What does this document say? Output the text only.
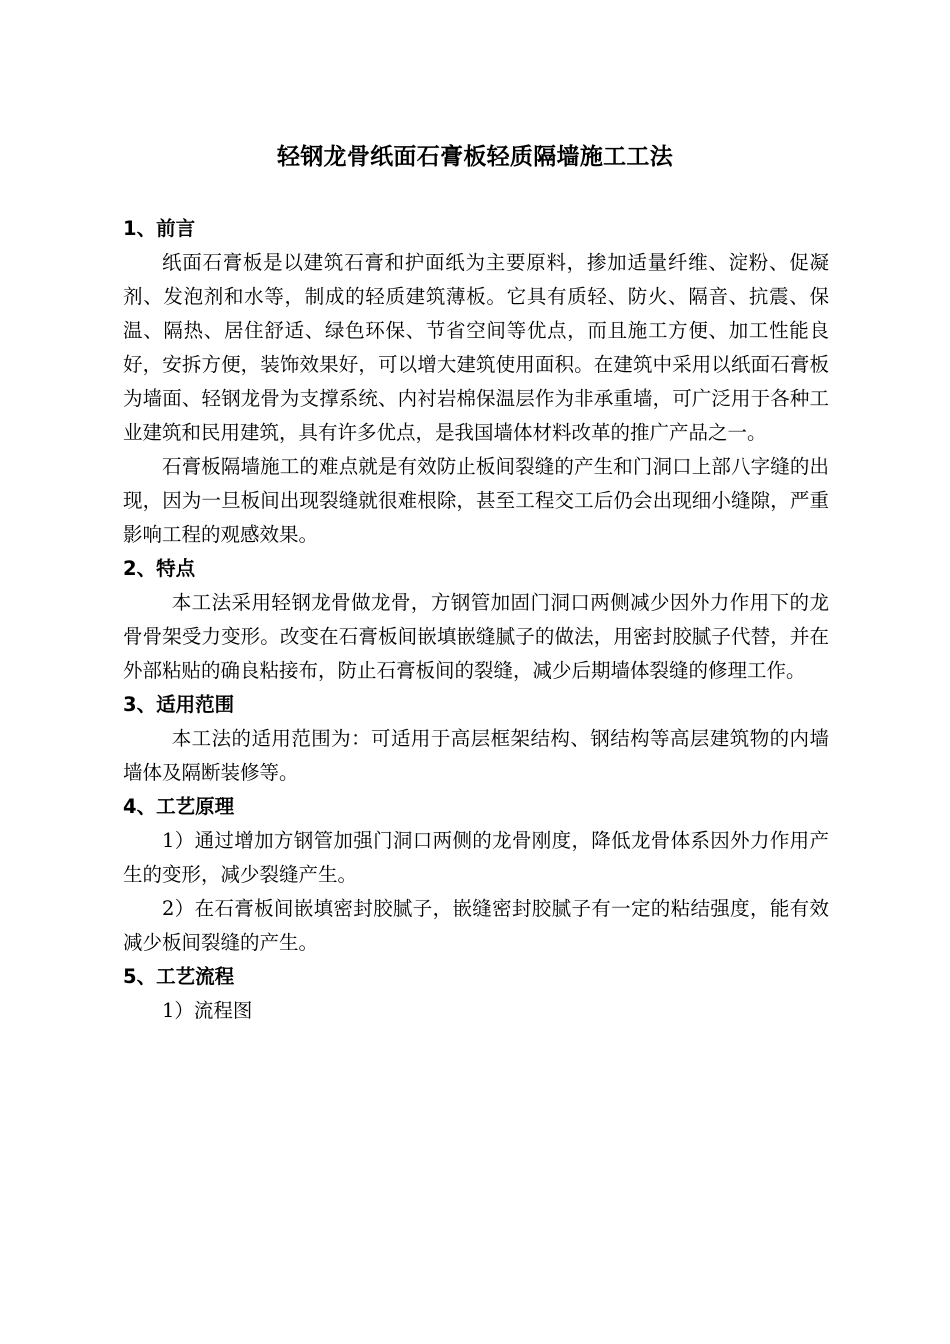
轻钢龙骨纸面石膏板轻质隔墙施工工法

1、前言

纸面石膏板是以建筑石膏和护面纸为主要原料，掺加适量纤维、淀粉、促凝剂、发泡剂和水等，制成的轻质建筑薄板。它具有质轻、防火、隔音、抗震、保温、隔热、居住舒适、绿色环保、节省空间等优点，而且施工方便、加工性能良好，安拆方便，装饰效果好，可以增大建筑使用面积。在建筑中采用以纸面石膏板为墙面、轻钢龙骨为支撑系统、内衬岩棉保温层作为非承重墙，可广泛用于各种工业建筑和民用建筑，具有许多优点，是我国墙体材料改革的推广产品之一。

石膏板隔墙施工的难点就是有效防止板间裂缝的产生和门洞口上部八字缝的出现，因为一旦板间出现裂缝就很难根除，甚至工程交工后仍会出现细小缝隙，严重影响工程的观感效果。

2、特点

本工法采用轻钢龙骨做龙骨，方钢管加固门洞口两侧减少因外力作用下的龙骨骨架受力变形。改变在石膏板间嵌填嵌缝腻子的做法，用密封胶腻子代替，并在外部粘贴的确良粘接布，防止石膏板间的裂缝，减少后期墙体裂缝的修理工作。

3、适用范围

本工法的适用范围为：可适用于高层框架结构、钢结构等高层建筑物的内墙墙体及隔断装修等。

4、工艺原理

1）通过增加方钢管加强门洞口两侧的龙骨刚度，降低龙骨体系因外力作用产生的变形，减少裂缝产生。

2）在石膏板间嵌填密封胶腻子，嵌缝密封胶腻子有一定的粘结强度，能有效减少板间裂缝的产生。

5、工艺流程

1）流程图
